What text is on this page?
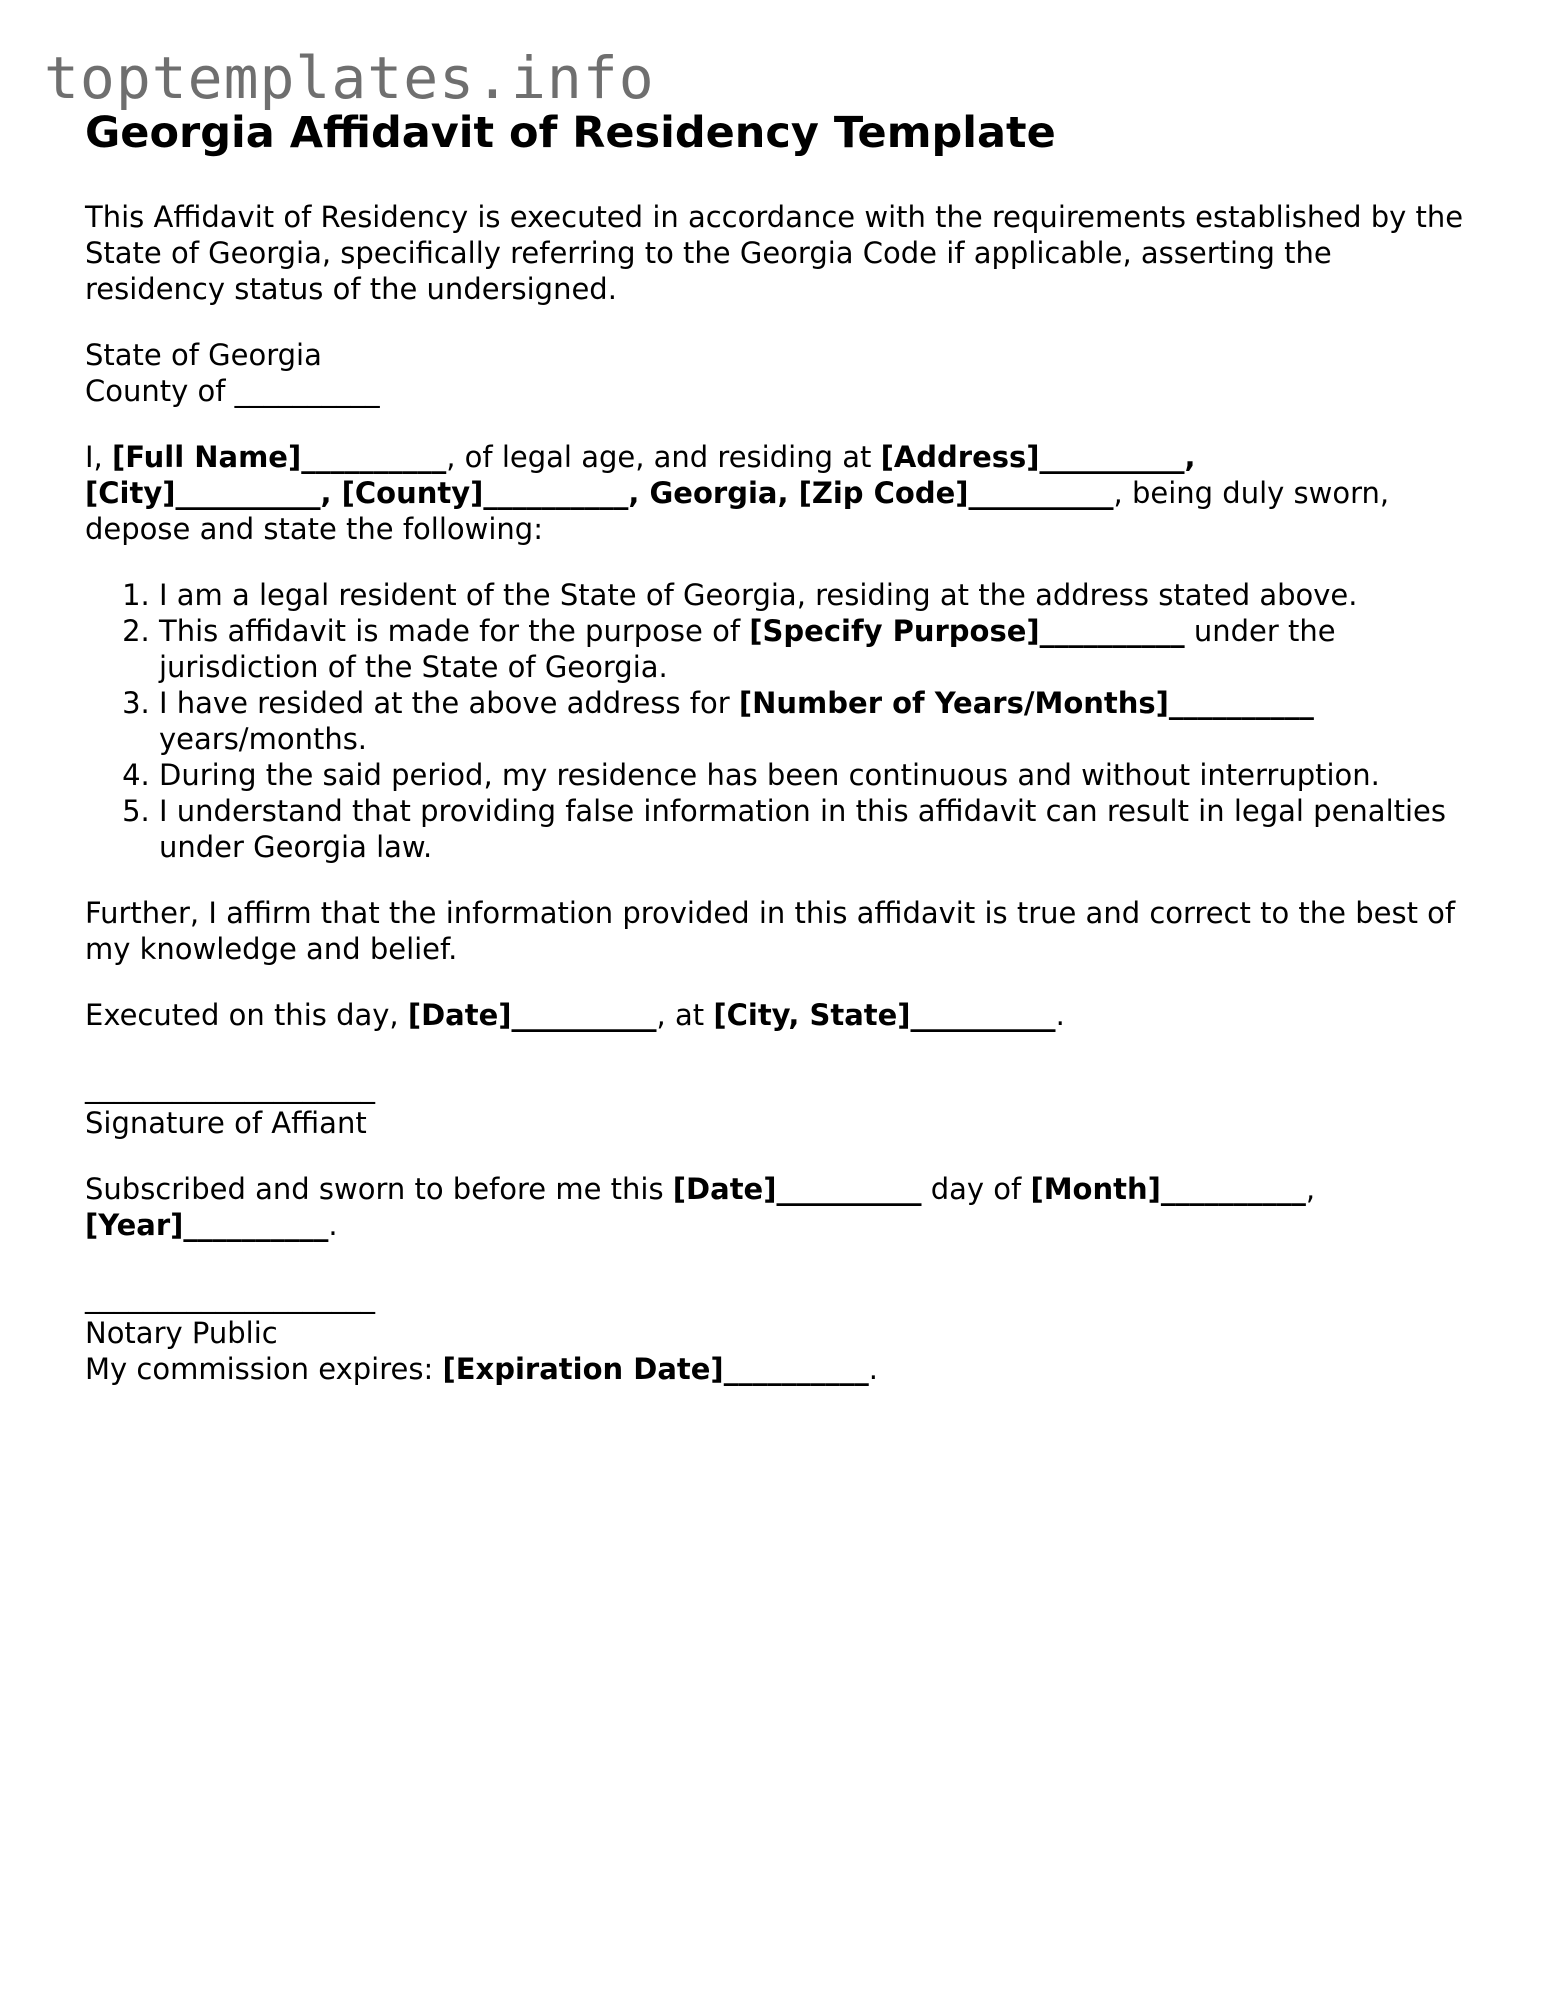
toptemplates.info
Georgia Affidavit of Residency Template

This Affidavit of Residency is executed in accordance with the requirements established by the State of Georgia, specifically referring to the Georgia Code if applicable, asserting the residency status of the undersigned.

State of Georgia
County of __________

I, [Full Name]__________, of legal age, and residing at [Address]__________,
[City]__________, [County]__________, Georgia, [Zip Code]__________, being duly sworn, depose and state the following:

1. I am a legal resident of the State of Georgia, residing at the address stated above.
2. This affidavit is made for the purpose of [Specify Purpose]__________ under the jurisdiction of the State of Georgia.
3. I have resided at the above address for [Number of Years/Months]__________ years/months.
4. During the said period, my residence has been continuous and without interruption.
5. I understand that providing false information in this affidavit can result in legal penalties under Georgia law.

Further, I affirm that the information provided in this affidavit is true and correct to the best of my knowledge and belief.

Executed on this day, [Date]__________, at [City, State]__________.

____________________
Signature of Affiant

Subscribed and sworn to before me this [Date]__________ day of [Month]__________,
[Year]__________.

____________________
Notary Public
My commission expires: [Expiration Date]__________.
